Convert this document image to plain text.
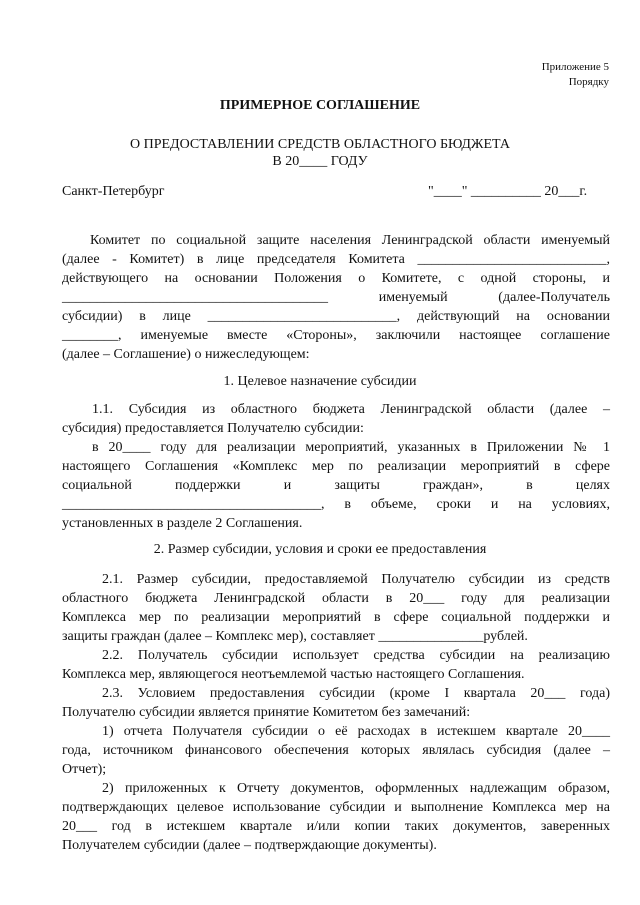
Приложение 5
Порядку
ПРИМЕРНОЕ СОГЛАШЕНИЕ
О ПРЕДОСТАВЛЕНИИ СРЕДСТВ ОБЛАСТНОГО БЮДЖЕТА
В 20____ ГОДУ
Санкт-Петербург	"____" __________ 20___г.
Комитет по социальной защите населения Ленинградской области именуемый
(далее - Комитет) в лице председателя Комитета ___________________________,
действующего на основании Положения о Комитете, с одной стороны, и
______________________________________ именуемый (далее-Получатель
субсидии) в лице ___________________________, действующий на основании
________, именуемые вместе «Стороны», заключили настоящее соглашение
(далее – Соглашение) о нижеследующем:
1. Целевое назначение субсидии
1.1. Субсидия из областного бюджета Ленинградской области (далее –
субсидия) предоставляется Получателю субсидии:
в 20____ году для реализации мероприятий, указанных в Приложении № 1
настоящего Соглашения «Комплекс мер по реализации мероприятий в сфере
социальной поддержки и защиты граждан», в целях
_____________________________________, в объеме, сроки и на условиях,
установленных в разделе 2 Соглашения.
2. Размер субсидии, условия и сроки ее предоставления
2.1. Размер субсидии, предоставляемой Получателю субсидии из средств
областного бюджета Ленинградской области в 20___ году для реализации
Комплекса мер по реализации мероприятий в сфере социальной поддержки и
защиты граждан (далее – Комплекс мер), составляет _______________рублей.
2.2. Получатель субсидии использует средства субсидии на реализацию
Комплекса мер, являющегося неотъемлемой частью настоящего Соглашения.
2.3. Условием предоставления субсидии (кроме I квартала 20___ года)
Получателю субсидии является принятие Комитетом без замечаний:
1) отчета Получателя субсидии о её расходах в истекшем квартале 20____
года, источником финансового обеспечения которых являлась субсидия (далее –
Отчет);
2) приложенных к Отчету документов, оформленных надлежащим образом,
подтверждающих целевое использование субсидии и выполнение Комплекса мер на
20___ год в истекшем квартале и/или копии таких документов, заверенных
Получателем субсидии (далее – подтверждающие документы).
